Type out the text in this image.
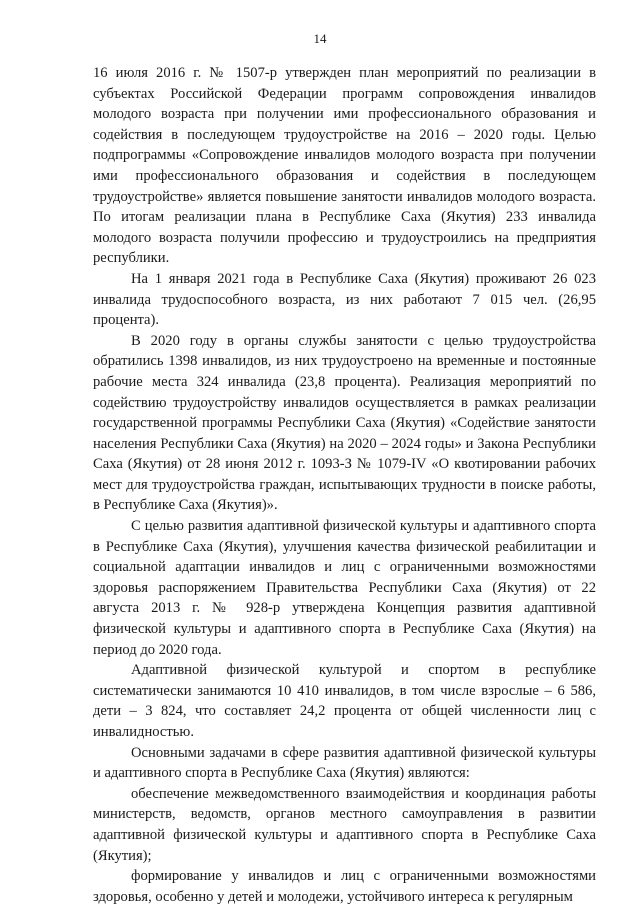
14

16 июля 2016 г. № 1507-р утвержден план мероприятий по реализации в субъектах Российской Федерации программ сопровождения инвалидов молодого возраста при получении ими профессионального образования и содействия в последующем трудоустройстве на 2016 – 2020 годы. Целью подпрограммы «Сопровождение инвалидов молодого возраста при получении ими профессионального образования и содействия в последующем трудоустройстве» является повышение занятости инвалидов молодого возраста. По итогам реализации плана в Республике Саха (Якутия) 233 инвалида молодого возраста получили профессию и трудоустроились на предприятия республики.

На 1 января 2021 года в Республике Саха (Якутия) проживают 26 023 инвалида трудоспособного возраста, из них работают 7 015 чел. (26,95 процента).

В 2020 году в органы службы занятости с целью трудоустройства обратились 1398 инвалидов, из них трудоустроено на временные и постоянные рабочие места 324 инвалида (23,8 процента). Реализация мероприятий по содействию трудоустройству инвалидов осуществляется в рамках реализации государственной программы Республики Саха (Якутия) «Содействие занятости населения Республики Саха (Якутия) на 2020 – 2024 годы» и Закона Республики Саха (Якутия) от 28 июня 2012 г. 1093-З № 1079-IV «О квотировании рабочих мест для трудоустройства граждан, испытывающих трудности в поиске работы, в Республике Саха (Якутия)».

С целью развития адаптивной физической культуры и адаптивного спорта в Республике Саха (Якутия), улучшения качества физической реабилитации и социальной адаптации инвалидов и лиц с ограниченными возможностями здоровья распоряжением Правительства Республики Саха (Якутия) от 22 августа 2013 г. № 928-р утверждена Концепция развития адаптивной физической культуры и адаптивного спорта в Республике Саха (Якутия) на период до 2020 года.

Адаптивной физической культурой и спортом в республике систематически занимаются 10 410 инвалидов, в том числе взрослые – 6 586, дети – 3 824, что составляет 24,2 процента от общей численности лиц с инвалидностью.

Основными задачами в сфере развития адаптивной физической культуры и адаптивного спорта в Республике Саха (Якутия) являются:

обеспечение межведомственного взаимодействия и координация работы министерств, ведомств, органов местного самоуправления в развитии адаптивной физической культуры и адаптивного спорта в Республике Саха (Якутия);

формирование у инвалидов и лиц с ограниченными возможностями здоровья, особенно у детей и молодежи, устойчивого интереса к регулярным
